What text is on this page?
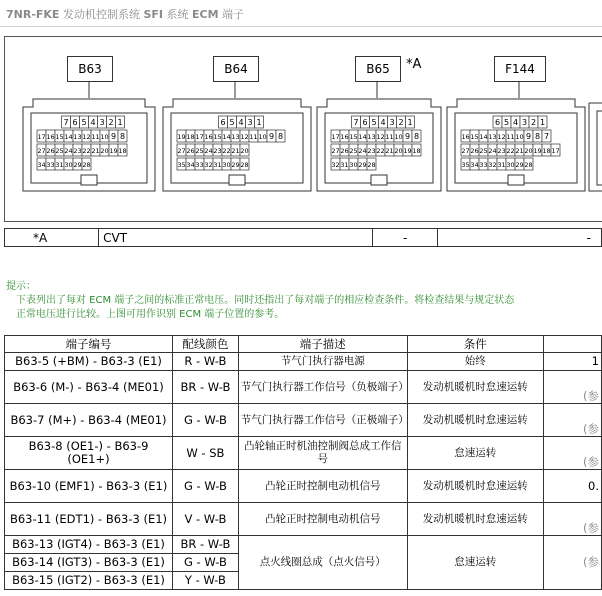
7NR-FKE 发动机控制系统 SFI 系统 ECM 端子
B63	B64	B65	*A	F144
7 6 5 4 3 2 1
17 16 15 14 13 12 11 10 9 8
27 26 25 24 23 22 21 20 19 18
34 33 31 30 29 28
6 5 4 3 1
19 18 17 16 15 14 13 12 11 10 9 8
27 26 25 24 23 22 21 20
35 34 33 32 31 30 29 28
7 6 5 4 3 2 1
17 16 15 14 13 12 11 10 9 8
27 26 25 24 23 22 21 20 19 18
32 31 30 29 28
6 5 4 3 2 1
16 15 14 13 12 11 10 9 8 7
27 26 25 24 23 22 21 20 19 18 17
35 34 33 32 31 30 29 28
*A	CVT	-	-
提示：
下表列出了每对 ECM 端子之间的标准正常电压。同时还指出了每对端子的相应检查条件。将检查结果与规定状态
正常电压进行比较。上图可用作识别 ECM 端子位置的参考。
端子编号	配线颜色	端子描述	条件	
B63-5 (+BM) - B63-3 (E1)	R - W-B	节气门执行器电源	始终	1
B63-6 (M-) - B63-4 (ME01)	BR - W-B	节气门执行器工作信号（负极端子）	发动机暖机时怠速运转	(参
B63-7 (M+) - B63-4 (ME01)	G - W-B	节气门执行器工作信号（正极端子）	发动机暖机时怠速运转	(参
B63-8 (OE1-) - B63-9 (OE1+)	W - SB	凸轮轴正时机油控制阀总成工作信号	怠速运转	(参
B63-10 (EMF1) - B63-3 (E1)	G - W-B	凸轮正时控制电动机信号	发动机暖机时怠速运转	0.
B63-11 (EDT1) - B63-3 (E1)	V - W-B	凸轮正时控制电动机信号	发动机暖机时怠速运转	(参
B63-13 (IGT4) - B63-3 (E1)	BR - W-B	点火线圈总成（点火信号）	怠速运转	(参
B63-14 (IGT3) - B63-3 (E1)	G - W-B			
B63-15 (IGT2) - B63-3 (E1)	Y - W-B			
